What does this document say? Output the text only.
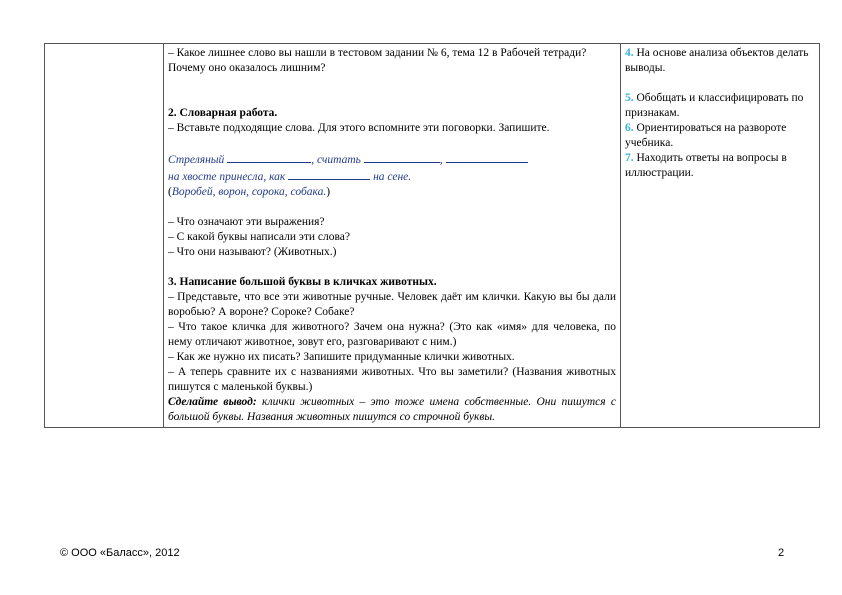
– Какое лишнее слово вы нашли в тестовом задании № 6, тема 12 в Рабочей тетради? Почему оно оказалось лишним?

2. Словарная работа.

– Вставьте подходящие слова. Для этого вспомните эти поговорки. Запишите.

Стреляный	, считать	,

на хвосте принесла, как	на сене.

(Воробей, ворон, сорока, собака.)

– Что означают эти выражения?

– С какой буквы написали эти слова?

– Что они называют? (Животных.)

3. Написание большой буквы в кличках животных.

– Представьте, что все эти животные ручные. Человек даёт им клички. Какую вы бы дали воробью? А вороне? Сороке? Собаке?

– Что такое кличка для животного? Зачем она нужна? (Это как «имя» для человека, по нему отличают животное, зовут его, разговаривают с ним.)

– Как же нужно их писать? Запишите придуманные клички животных.

– А теперь сравните их с названиями животных. Что вы заметили? (Названия животных пишутся с маленькой буквы.)

Сделайте вывод: клички животных – это тоже имена собственные. Они пишутся с большой буквы. Названия животных пишутся со строчной буквы.

4. На основе анализа объектов делать выводы.

5. Обобщать и классифицировать по признакам.

6. Ориентироваться на развороте учебника.

7. Находить ответы на вопросы в иллюстрации.

© ООО «Баласс», 2012	2
